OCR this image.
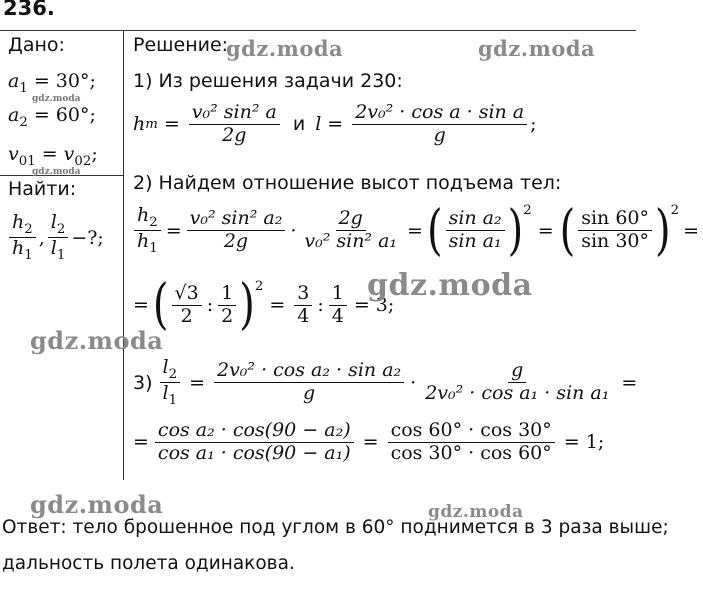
236.
Дано:
$a_1 = 30^\circ$;
$a_2 = 60^\circ$;
$v_{01} = v_{02}$;
Найти:
$\frac{h_2}{h_1}$ , $\frac{l_2}{l_1}$ −?;
Решение:
1) Из решения задачи 230:
h $m = \frac{\text{v₀² sin² a}}{2g}$ и $l = \frac{\text{2v₀² · cos a · sin a}}{g}$ ;
2) Найдем отношение высот подъема тел:
$\frac{h_2}{h_1} = \frac{\text{v₀² sin² a₂}}{2g} \cdot \frac{2g}{\text{v₀² sin² a₁}}$ = ( $\frac{\text{sin a₂}}{\text{sin a₁}} )^2$
= ( $\frac{\sin 60^\circ}{\sin 30^\circ} )^2$
=
= ( $\frac{√3}{2}$ : $\frac{1}{2} )^2$
= $\frac{3}{4}$ : $\frac{1}{4} = 3$;
$3) \frac{l_2}{l_1} = \frac{\text{2v₀² · cos a₂ · sin a₂}}{g} \cdot \frac{g}{\text{2v₀² · cos a₁ · sin a₁}}$ =
= $\frac{\text{cos a₂ · cos(90 − a₂)}}{\text{cos a₁ · cos(90 − a₁)}} = \frac{\cos 60^\circ \cdot \cos 30^\circ}{\cos 30^\circ \cdot \cos 60^\circ} = 1$;
Ответ: тело брошенное под углом в 60° поднимется в 3 раза выше;
дальность полета одинакова.
gdz.moda	gdz.moda
gdz.moda
gdz.moda
gdz.moda	gdz.moda
gdz.moda
gdz.moda
